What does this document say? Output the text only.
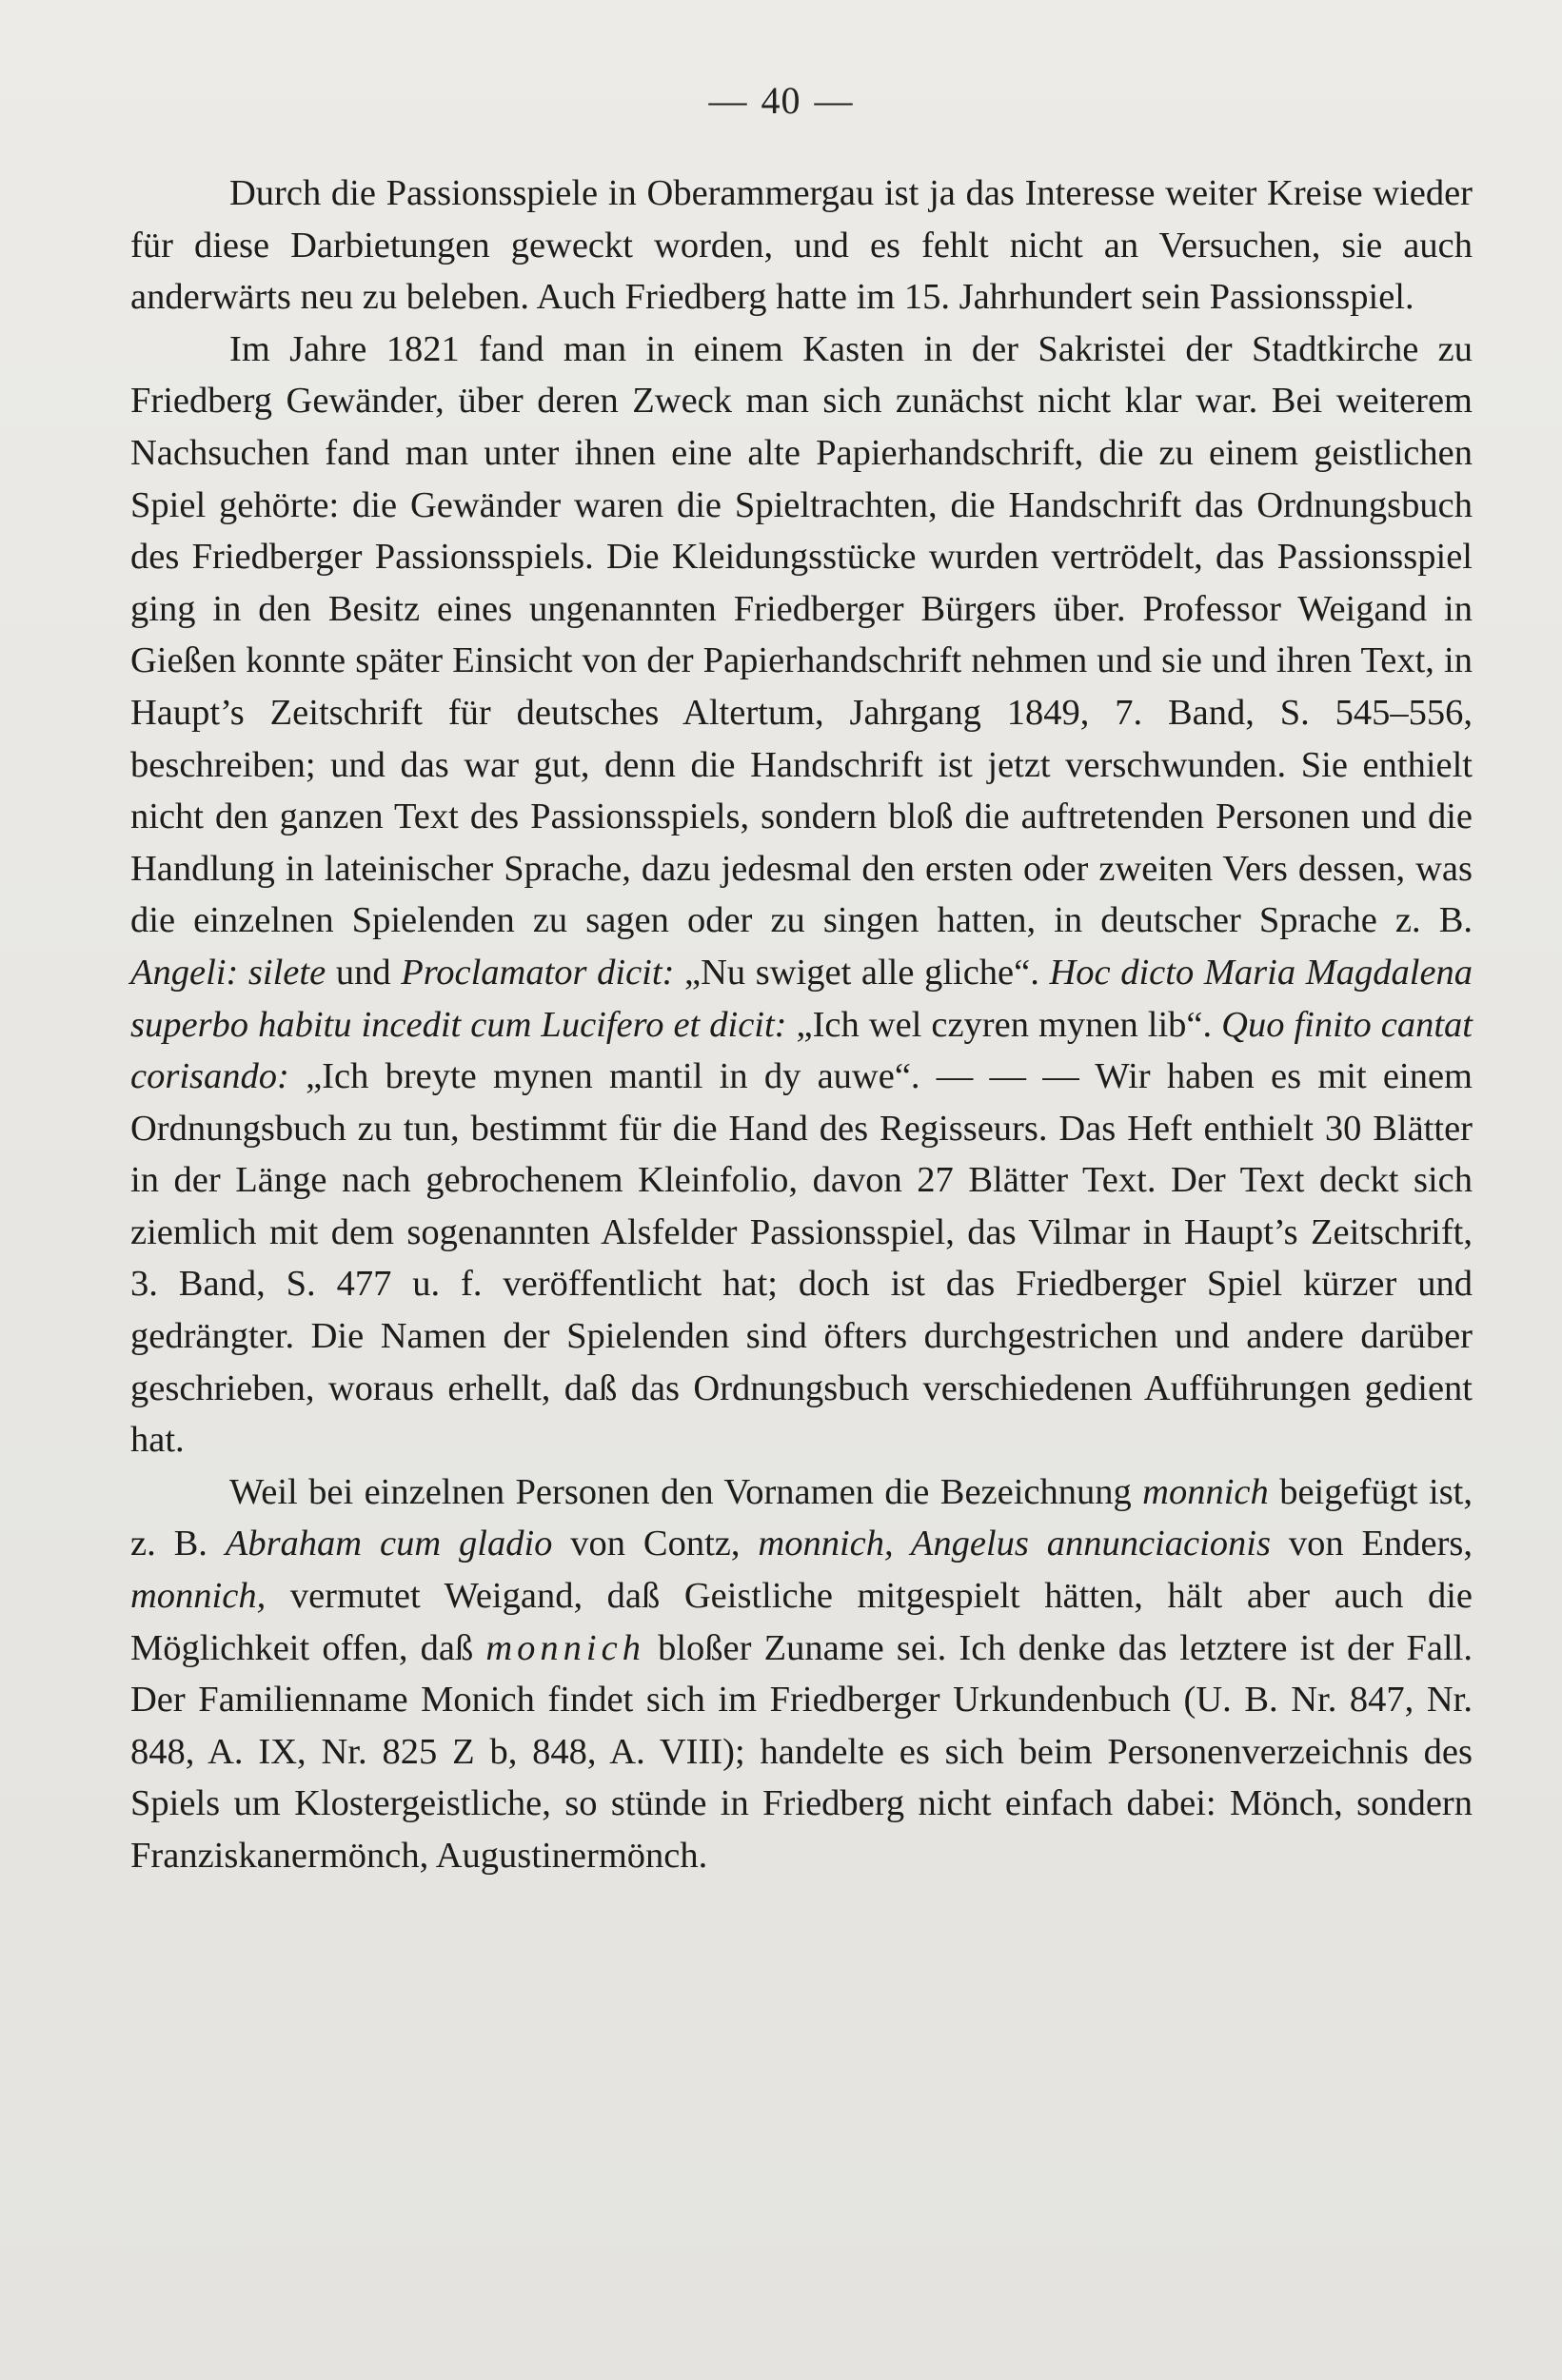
— 40 —

Durch die Passionsspiele in Oberammergau ist ja das Interesse weiter Kreise wieder für diese Darbietungen geweckt worden, und es fehlt nicht an Versuchen, sie auch anderwärts neu zu beleben. Auch Friedberg hatte im 15. Jahrhundert sein Passionsspiel.

Im Jahre 1821 fand man in einem Kasten in der Sakristei der Stadtkirche zu Friedberg Gewänder, über deren Zweck man sich zunächst nicht klar war. Bei weiterem Nachsuchen fand man unter ihnen eine alte Papierhandschrift, die zu einem geistlichen Spiel gehörte: die Gewänder waren die Spieltrachten, die Handschrift das Ordnungsbuch des Friedberger Passionsspiels. Die Kleidungsstücke wurden vertrödelt, das Passionsspiel ging in den Besitz eines ungenannten Friedberger Bürgers über. Professor Weigand in Gießen konnte später Einsicht von der Papierhandschrift nehmen und sie und ihren Text, in Haupt’s Zeitschrift für deutsches Altertum, Jahrgang 1849, 7. Band, S. 545–556, beschreiben; und das war gut, denn die Handschrift ist jetzt verschwunden. Sie enthielt nicht den ganzen Text des Passionsspiels, sondern bloß die auftretenden Personen und die Handlung in lateinischer Sprache, dazu jedesmal den ersten oder zweiten Vers dessen, was die einzelnen Spielenden zu sagen oder zu singen hatten, in deutscher Sprache z. B. Angeli: silete und Proclamator dicit: „Nu swiget alle gliche“. Hoc dicto Maria Magdalena superbo habitu incedit cum Lucifero et dicit: „Ich wel czyren mynen lib“. Quo finito cantat corisando: „Ich breyte mynen mantil in dy auwe“. — — — Wir haben es mit einem Ordnungsbuch zu tun, bestimmt für die Hand des Regisseurs. Das Heft enthielt 30 Blätter in der Länge nach gebrochenem Kleinfolio, davon 27 Blätter Text. Der Text deckt sich ziemlich mit dem sogenannten Alsfelder Passionsspiel, das Vilmar in Haupt’s Zeitschrift, 3. Band, S. 477 u. f. veröffentlicht hat; doch ist das Friedberger Spiel kürzer und gedrängter. Die Namen der Spielenden sind öfters durchgestrichen und andere darüber geschrieben, woraus erhellt, daß das Ordnungsbuch verschiedenen Aufführungen gedient hat.

Weil bei einzelnen Personen den Vornamen die Bezeichnung monnich beigefügt ist, z. B. Abraham cum gladio von Contz, monnich, Angelus annunciacionis von Enders, monnich, vermutet Weigand, daß Geistliche mitgespielt hätten, hält aber auch die Möglichkeit offen, daß monnich bloßer Zuname sei. Ich denke das letztere ist der Fall. Der Familienname Monich findet sich im Friedberger Urkundenbuch (U. B. Nr. 847, Nr. 848, A. IX, Nr. 825 Z b, 848, A. VIII); handelte es sich beim Personenverzeichnis des Spiels um Klostergeistliche, so stünde in Friedberg nicht einfach dabei: Mönch, sondern Franziskanermönch, Augustinermönch.
